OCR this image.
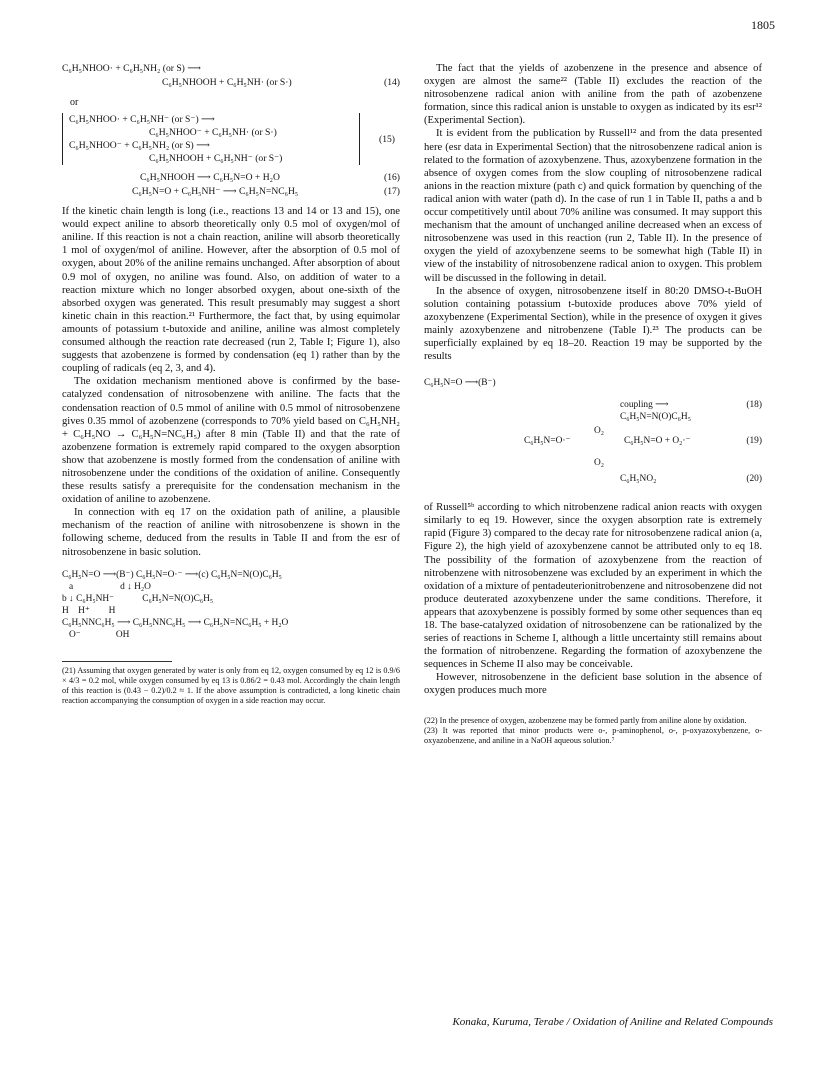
1805
C₆H₅NHOO· + C₆H₅NH₂ (or S) ⟶
C₆H₅NHOOH + C₆H₅NH· (or S·)	(14)
or
C₆H₅NHOO· + C₆H₅NH⁻ (or S⁻) ⟶
C₆H₅NHOO⁻ + C₆H₅NH· (or S·)
C₆H₅NHOO⁻ + C₆H₅NH₂ (or S) ⟶
C₆H₅NHOOH + C₆H₅NH⁻ (or S⁻)
(15)
C₆H₅NHOOH ⟶ C₆H₅N=O + H₂O	(16)
C₆H₅N=O + C₆H₅NH⁻ ⟶ C₆H₅N=NC₆H₅	(17)

If the kinetic chain length is long (i.e., reactions 13 and 14 or 13 and 15), one would expect aniline to absorb theoretically only 0.5 mol of oxygen/mol of aniline. If this reaction is not a chain reaction, aniline will absorb theoretically 1 mol of oxygen/mol of aniline. However, after the absorption of 0.5 mol of oxygen, about 20% of the aniline remains unchanged. After absorption of about 0.9 mol of oxygen, no aniline was found. Also, on addition of water to a reaction mixture which no longer absorbed oxygen, about one-sixth of the absorbed oxygen was generated. This result presumably may suggest a short kinetic chain in this reaction.²¹ Furthermore, the fact that, by using equimolar amounts of potassium t-butoxide and aniline, aniline was almost completely consumed although the reaction rate decreased (run 2, Table I; Figure 1), also suggests that azobenzene is formed by condensation (eq 1) rather than by the coupling of radicals (eq 2, 3, and 4).

The oxidation mechanism mentioned above is confirmed by the base-catalyzed condensation of nitrosobenzene with aniline. The facts that the condensation reaction of 0.5 mmol of aniline with 0.5 mmol of nitrosobenzene gives 0.35 mmol of azobenzene (corresponds to 70% yield based on C₆H₅NH₂ + C₆H₅NO → C₆H₅N=NC₆H₅) after 8 min (Table II) and that the rate of azobenzene formation is extremely rapid compared to the oxygen absorption show that azobenzene is mostly formed from the condensation of aniline with nitrosobenzene under the conditions of the oxidation of aniline. Consequently these results satisfy a prerequisite for the condensation mechanism in the oxidation of aniline to azobenzene.

In connection with eq 17 on the oxidation path of aniline, a plausible mechanism of the reaction of aniline with nitrosobenzene is shown in the following scheme, deduced from the results in Table II and from the esr of nitrosobenzene in basic solution.

C₆H₅N=O ⟶(B⁻) C₆H₅N=O·⁻ ⟶(c) C₆H₅N=N(O)C₆H₅
a                    d ↓ H₂O
b ↓ C₆H₅NH⁻            C₆H₅N=N(O)C₆H₅
H    H⁺        H
C₆H₅NNC₆H₅ ⟶ C₆H₅NNC₆H₅ ⟶ C₆H₅N=NC₆H₅ + H₂O
O⁻               OH
(21) Assuming that oxygen generated by water is only from eq 12, oxygen consumed by eq 12 is 0.9/6 × 4/3 = 0.2 mol, while oxygen consumed by eq 13 is 0.86/2 = 0.43 mol. Accordingly the chain length of this reaction is (0.43 − 0.2)/0.2 ≈ 1. If the above assumption is contradicted, a long kinetic chain reaction accompanying the consumption of oxygen in a side reaction may occur.

The fact that the yields of azobenzene in the presence and absence of oxygen are almost the same²² (Table II) excludes the reaction of the nitrosobenzene radical anion with aniline from the path of azobenzene formation, since this radical anion is unstable to oxygen as indicated by its esr¹² (Experimental Section).

It is evident from the publication by Russell¹² and from the data presented here (esr data in Experimental Section) that the nitrosobenzene radical anion is related to the formation of azoxybenzene. Thus, azoxybenzene formation in the absence of oxygen comes from the slow coupling of nitrosobenzene radical anions in the reaction mixture (path c) and quick formation by quenching of the radical anion with water (path d). In the case of run 1 in Table II, paths a and b occur competitively until about 70% aniline was consumed. It may support this mechanism that the amount of unchanged aniline decreased when an excess of nitrosobenzene was used in this reaction (run 2, Table II). In the presence of oxygen the yield of azoxybenzene seems to be somewhat high (Table II) in view of the instability of nitrosobenzene radical anion to oxygen. This problem will be discussed in the following in detail.

In the absence of oxygen, nitrosobenzene itself in 80:20 DMSO-t-BuOH solution containing potassium t-butoxide produces above 70% yield of azoxybenzene (Experimental Section), while in the presence of oxygen it gives mainly azoxybenzene and nitrobenzene (Table I).²³ The products can be superficially explained by eq 18–20. Reaction 19 may be supported by the results

C₆H₅N=O ⟶(B⁻)
coupling ⟶
C₆H₅N=N(O)C₆H₅
(18)
C₆H₅N=O·⁻
O₂
C₆H₅N=O + O₂·⁻	(19)
O₂
C₆H₅NO₂	(20)

of Russell⁵ᵇ according to which nitrobenzene radical anion reacts with oxygen similarly to eq 19. However, since the oxygen absorption rate is extremely rapid (Figure 3) compared to the decay rate for nitrosobenzene radical anion (a, Figure 2), the high yield of azoxybenzene cannot be attributed only to eq 18. The possibility of the formation of azoxybenzene from the reaction of nitrobenzene with nitrosobenzene was excluded by an experiment in which the oxidation of a mixture of pentadeuterionitrobenzene and nitrosobenzene did not produce deuterated azoxybenzene under the same conditions. Therefore, it appears that azoxybenzene is possibly formed by some other sequences than eq 18. The base-catalyzed oxidation of nitrosobenzene can be rationalized by the series of reactions in Scheme I, although a little uncertainty still remains about the formation of nitrobenzene. Regarding the formation of azoxybenzene the sequences in Scheme II also may be conceivable.

However, nitrosobenzene in the deficient base solution in the absence of oxygen produces much more

(22) In the presence of oxygen, azobenzene may be formed partly from aniline alone by oxidation.
(23) It was reported that minor products were o-, p-aminophenol, o-, p-oxyazoxybenzene, o-oxyazobenzene, and aniline in a NaOH aqueous solution.⁷
Konaka, Kuruma, Terabe / Oxidation of Aniline and Related Compounds
